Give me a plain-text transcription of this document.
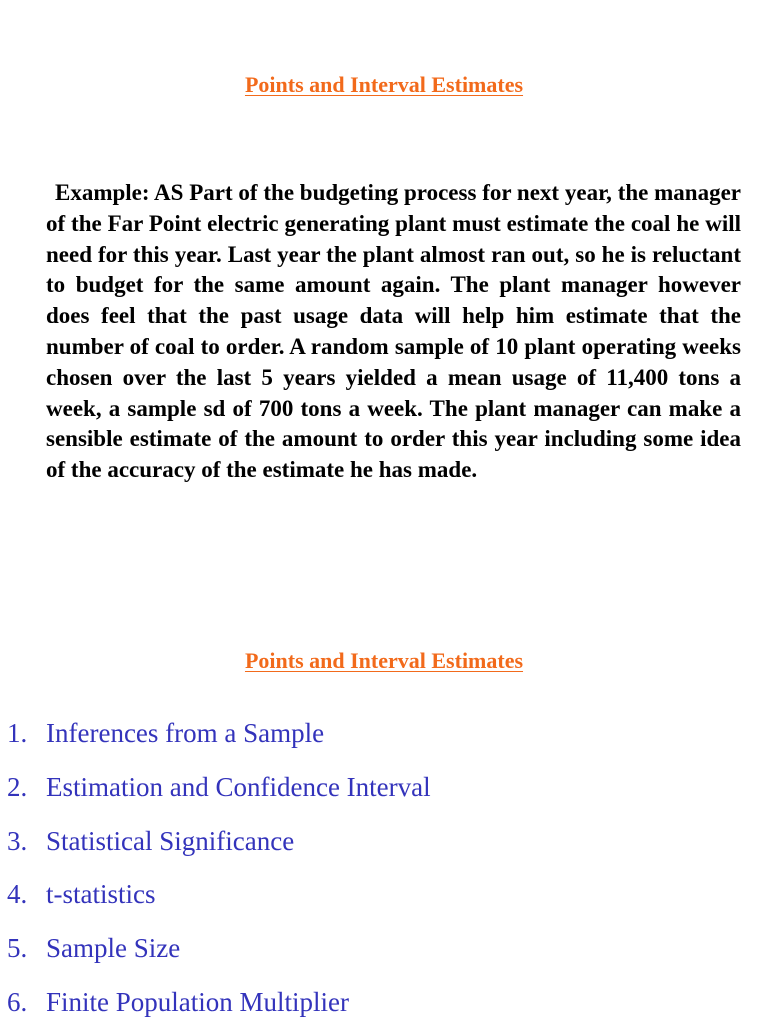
Points and Interval Estimates

Example: AS Part of the budgeting process for next year, the manager of the Far Point electric generating plant must estimate the coal he will need for this year. Last year the plant almost ran out, so he is reluctant to budget for the same amount again. The plant manager however does feel that the past usage data will help him estimate that the number of coal to order. A random sample of 10 plant operating weeks chosen over the last 5 years yielded a mean usage of 11,400 tons a week, a sample sd of 700 tons a week. The plant manager can make a sensible estimate of the amount to order this year including some idea of the accuracy of the estimate he has made.

Points and Interval Estimates
1. Inferences from a Sample
2. Estimation and Confidence Interval
3. Statistical Significance
4. t-statistics
5. Sample Size
6. Finite Population Multiplier
